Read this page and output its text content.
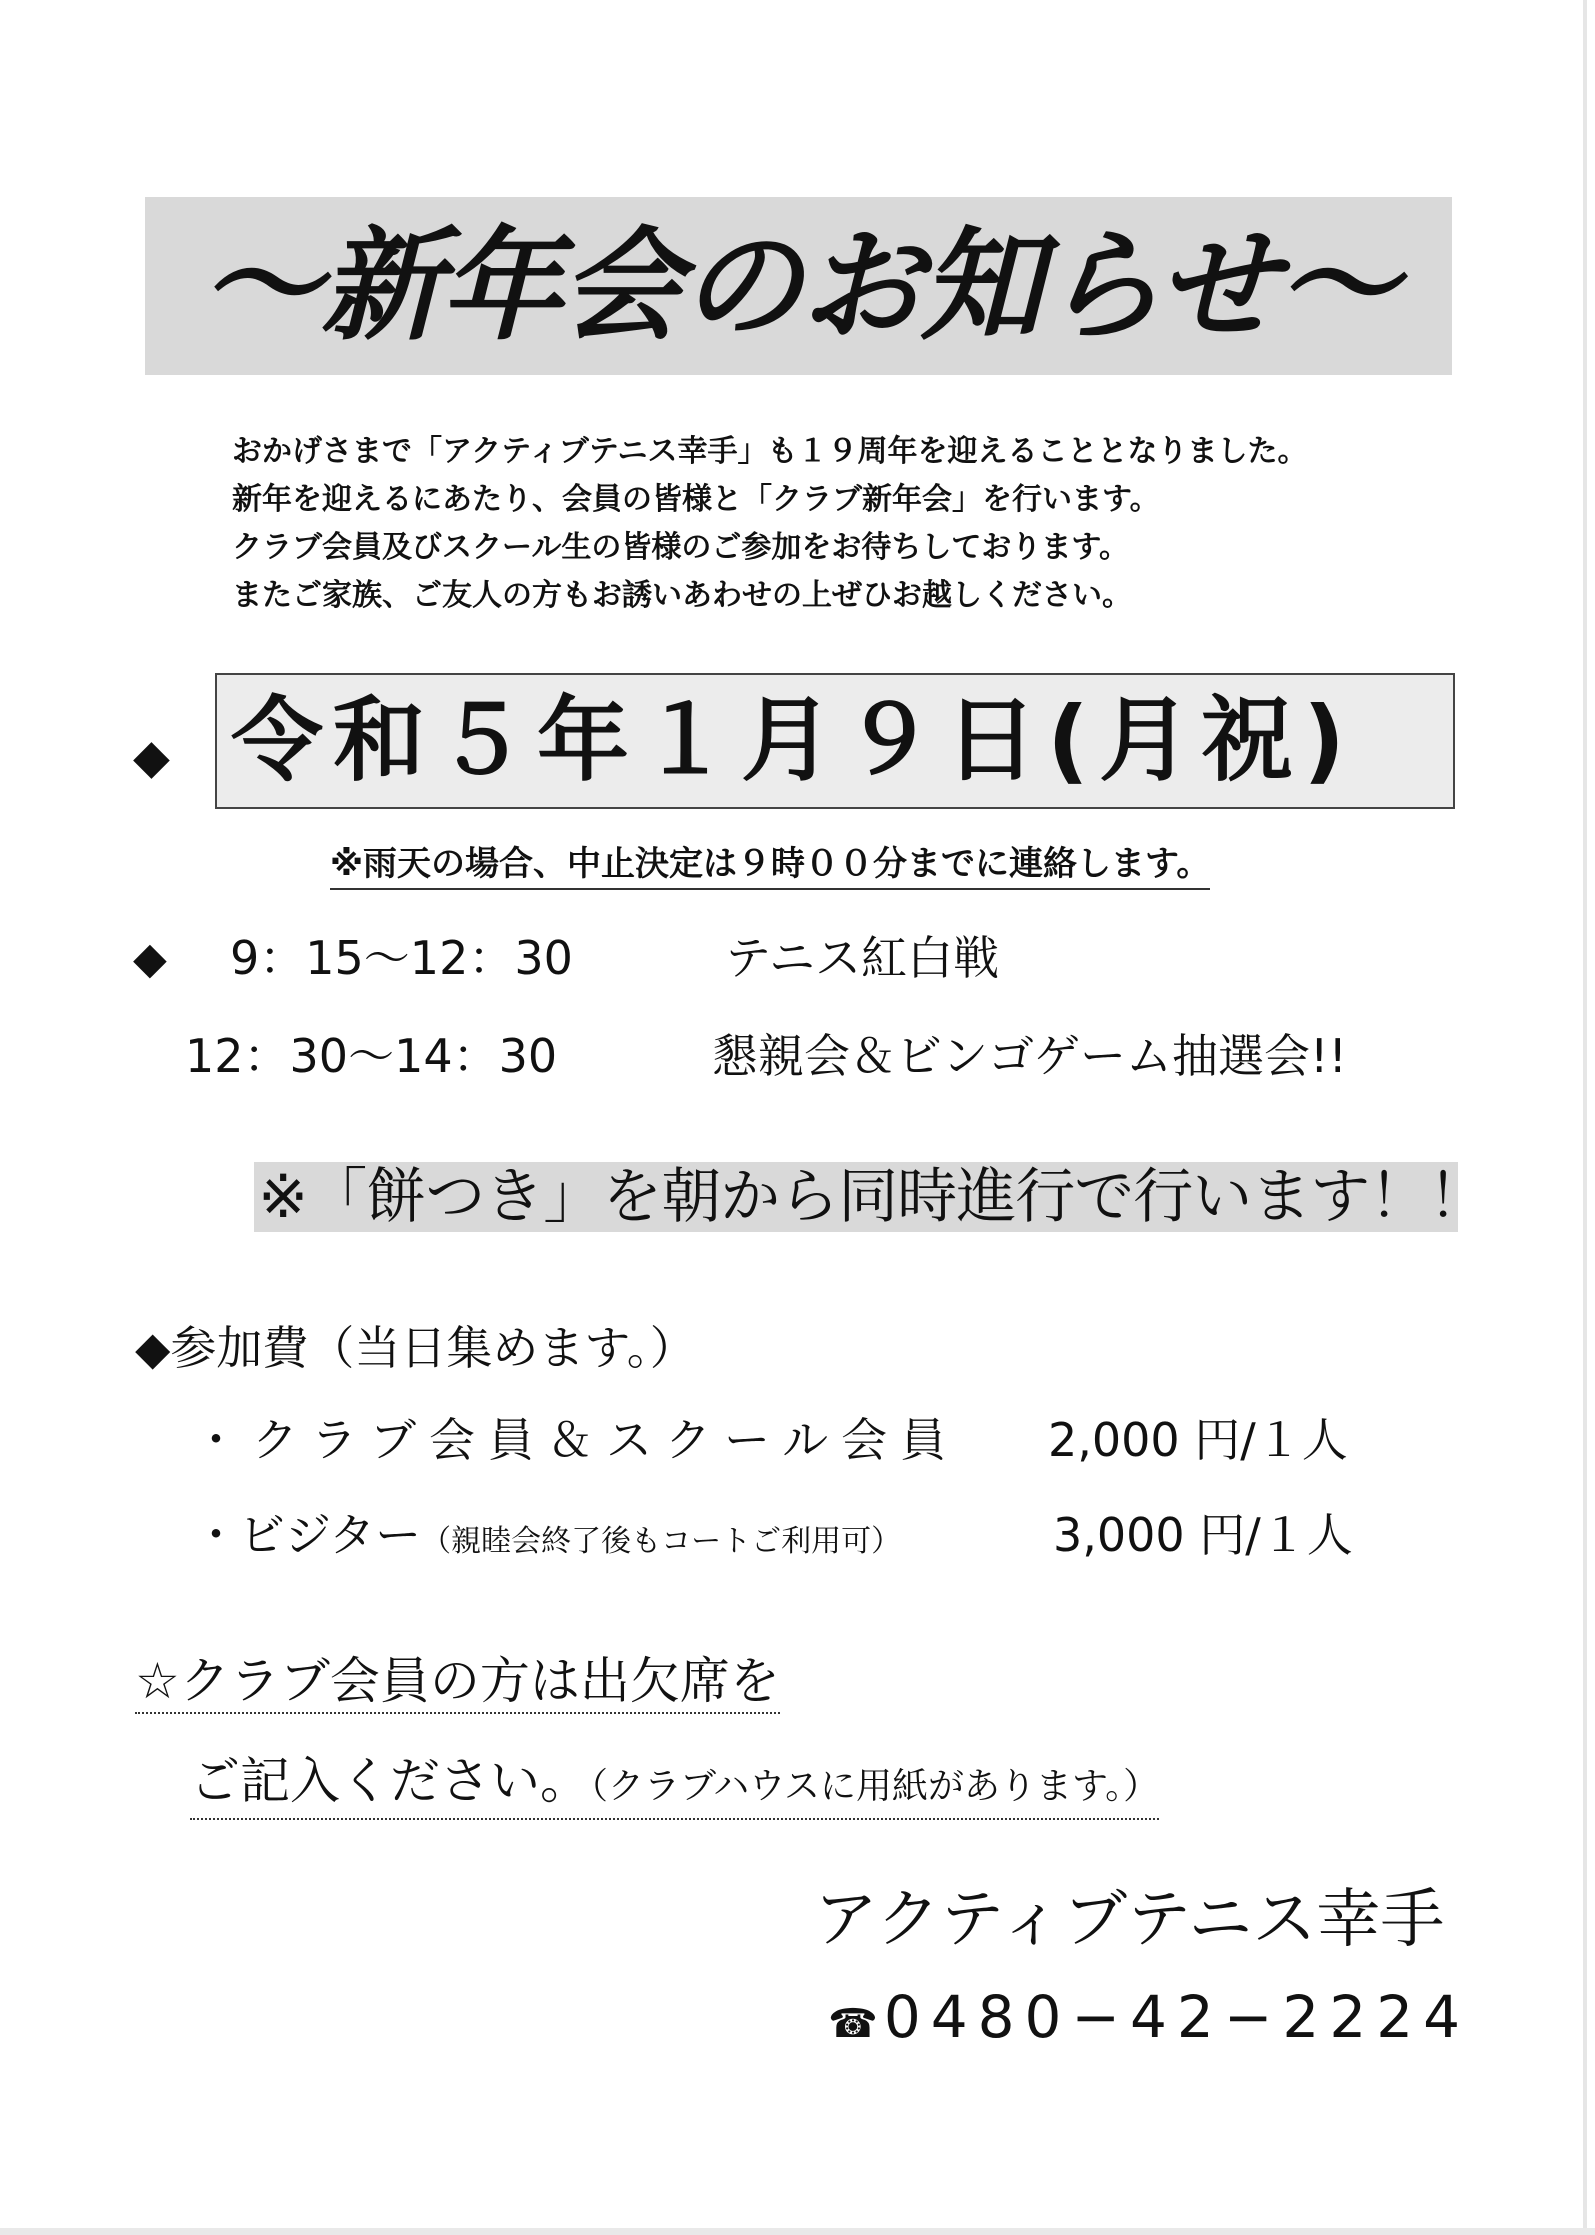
～新年会のお知らせ～
おかげさまで「アクティブテニス幸手」も１９周年を迎えることとなりました。
新年を迎えるにあたり、会員の皆様と「クラブ新年会」を行います。
クラブ会員及びスクール生の皆様のご参加をお待ちしております。
またご家族、ご友人の方もお誘いあわせの上ぜひお越しください。
◆ 令和５年１月９日(月祝)
※雨天の場合、中止決定は９時００分までに連絡します。
◆ 9：15〜12：30	テニス紅白戦
12：30〜14：30	懇親会＆ビンゴゲーム抽選会!!
※「餅つき」を朝から同時進行で行います！！
◆参加費（当日集めます。）
・クラブ会員＆スクール会員 2,000 円/１人
・ビジター（親睦会終了後もコートご利用可）	3,000 円/１人
☆クラブ会員の方は出欠席を
ご記入ください。（クラブハウスに用紙があります。）
アクティブテニス幸手
☎ 0480−42−2224
